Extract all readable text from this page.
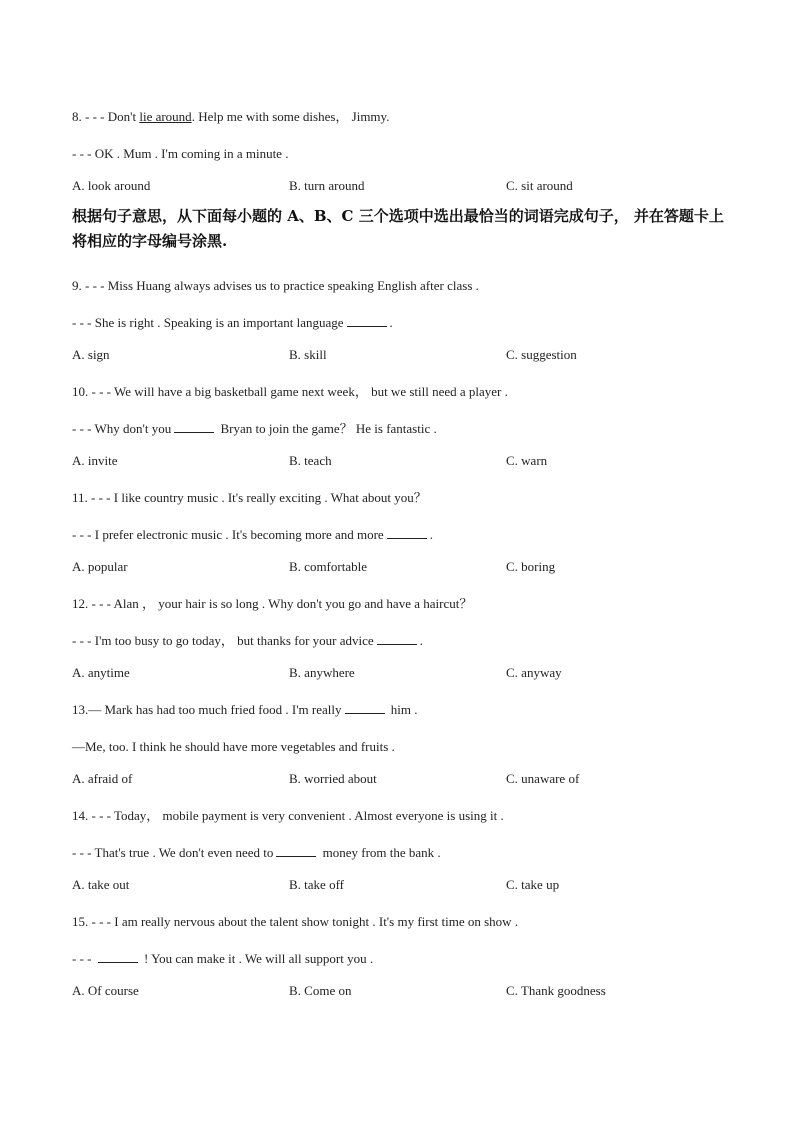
8. - - - Don't lie around. Help me with some dishes， Jimmy.
- - - OK . Mum . I'm coming in a minute .
A. look around	B. turn around	C. sit around
根据句子意思，从下面每小题的 A、B、C 三个选项中选出最恰当的词语完成句子， 并在答题卡上将相应的字母编号涂黑.
9. - - - Miss Huang always advises us to practice speaking English after class .
- - - She is right . Speaking is an important language	.
A. sign	B. skill	C. suggestion
10. - - - We will have a big basketball game next week， but we still need a player .
- - - Why don't you	Bryan to join the game？ He is fantastic .
A. invite	B. teach	C. warn
11. - - - I like country music . It's really exciting . What about you？
- - - I prefer electronic music . It's becoming more and more	.
A. popular	B. comfortable	C. boring
12. - - - Alan ， your hair is so long . Why don't you go and have a haircut？
- - - I'm too busy to go today， but thanks for your advice	.
A. anytime	B. anywhere	C. anyway
13.— Mark has had too much fried food . I'm really	him .
—Me, too. I think he should have more vegetables and fruits .
A. afraid of	B. worried about	C. unaware of
14. - - - Today， mobile payment is very convenient . Almost everyone is using it .
- - - That's true . We don't even need to	money from the bank .
A. take out	B. take off	C. take up
15. - - - I am really nervous about the talent show tonight . It's my first time on show .
- - -	! You can make it . We will all support you .
A. Of course	B. Come on	C. Thank goodness
